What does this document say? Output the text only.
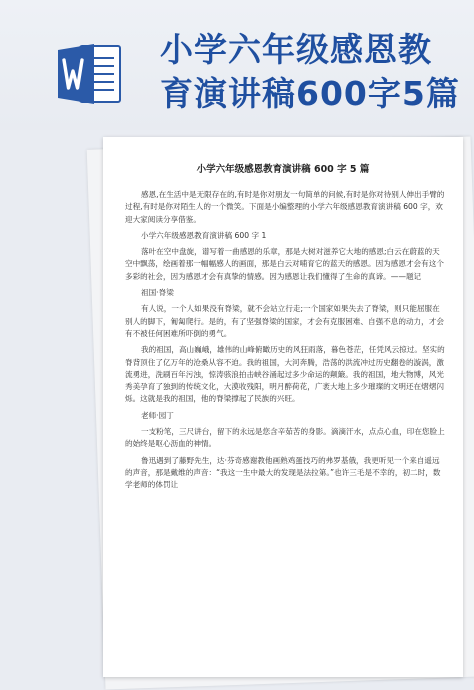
小学六年级感恩教
育演讲稿600字5篇
小学六年级感恩教育演讲稿 600 字 5 篇

感恩,在生活中是无限存在的,有时是你对朋友一句简单的问候,有时是你对待别人伸出手臂的过程,有时是你对陌生人的一个微笑。下面是小编整理的小学六年级感恩教育演讲稿 600 字，欢迎大家阅读分享借鉴。

小学六年级感恩教育演讲稿 600 字 1

落叶在空中盘旋，谱写着一曲感恩的乐章，那是大树对滋养它大地的感恩;白云在蔚蓝的天空中飘荡，绘画着那一幅幅感人的画面，那是白云对哺育它的蓝天的感恩。因为感恩才会有这个多彩的社会，因为感恩才会有真挚的情感。因为感恩让我们懂得了生命的真谛。——题记

祖国·脊梁

有人说，一个人如果没有脊梁，就不会站立行走;一个国家如果失去了脊梁，则只能屈服在别人的脚下，匍匐爬行。是的，有了坚强脊梁的国家，才会有克服困难、自强不息的动力，才会有不被任何困难所吓倒的勇气。

我的祖国，高山巍峨，雄伟的山峰俯瞰历史的风狂雨落，暮色苍茫，任凭风云掠过。坚实的脊背顶住了亿万年的沧桑从容不迫。我的祖国，大河奔腾，浩荡的洪流冲过历史翻卷的漩涡，激流勇进，洗刷百年污浊，惊涛骇浪拍击峡谷涌起过多少命运的颠簸。我的祖国，地大物博，风光秀美孕育了独到的传统文化，大漠收残阳，明月醉荷花，广袤大地上多少璀璨的文明还在熠熠闪烁。这就是我的祖国，他的脊梁撑起了民族的兴旺。

老师·园丁

一支粉笔，三尺讲台，留下的永远是您含辛茹苦的身影。滴滴汗水，点点心血，印在您脸上的始终是呕心沥血的神情。

鲁迅遇到了藤野先生，达·芬奇感谢教他画熟鸡蛋技巧的弗罗基俄，我更听见一个来自遥远的声音，那是戴维的声音：“我这一生中最大的发现是法拉第。”也许三毛是不幸的，初二时，数学老师的体罚让
